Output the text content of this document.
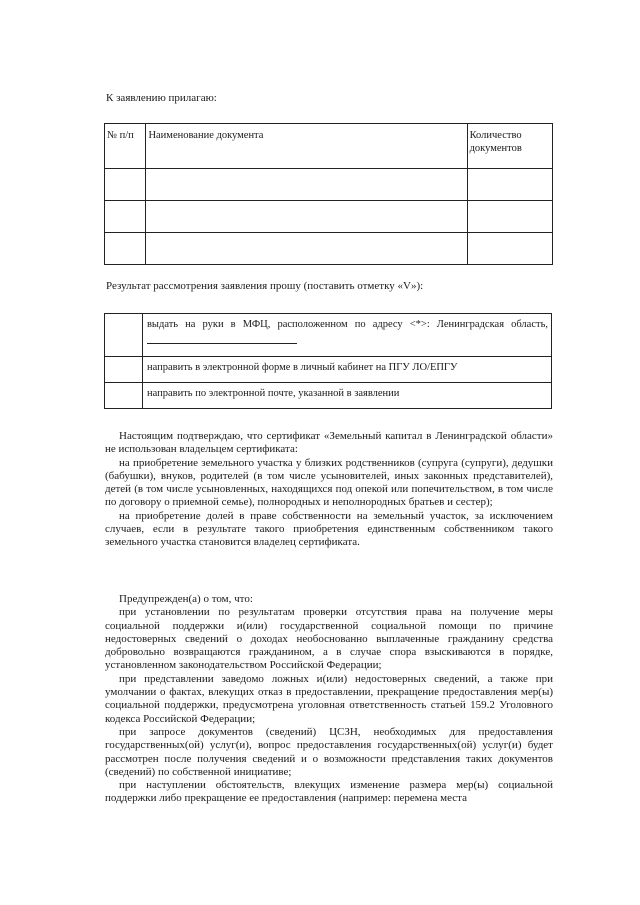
К заявлению прилагаю:
№ п/п	Наименование документа	Количество
документов

Результат рассмотрения заявления прошу (поставить отметку «V»):
	выдать на руки в МФЦ, расположенном по адресу <*>: Ленинградская область,
	направить в электронной форме в личный кабинет на ПГУ ЛО/ЕПГУ
	направить по электронной почте, указанной в заявлении

Настоящим подтверждаю, что сертификат «Земельный капитал в Ленинградской области» не использован владельцем сертификата:

на приобретение земельного участка у близких родственников (супруга (супруги), дедушки (бабушки), внуков, родителей (в том числе усыновителей, иных законных представителей), детей (в том числе усыновленных, находящихся под опекой или попечительством, в том числе по договору о приемной семье), полнородных и неполнородных братьев и сестер);

на приобретение долей в праве собственности на земельный участок, за исключением случаев, если в результате такого приобретения единственным собственником такого земельного участка становится владелец сертификата.

Предупрежден(а) о том, что:

при установлении по результатам проверки отсутствия права на получение меры социальной поддержки и(или) государственной социальной помощи по причине недостоверных сведений о доходах необоснованно выплаченные гражданину средства добровольно возвращаются гражданином, а в случае спора взыскиваются в порядке, установленном законодательством Российской Федерации;

при представлении заведомо ложных и(или) недостоверных сведений, а также при умолчании о фактах, влекущих отказ в предоставлении, прекращение предоставления мер(ы) социальной поддержки, предусмотрена уголовная ответственность статьей 159.2 Уголовного кодекса Российской Федерации;

при запросе документов (сведений) ЦСЗН, необходимых для предоставления государственных(ой) услуг(и), вопрос предоставления государственных(ой) услуг(и) будет рассмотрен после получения сведений и о возможности представления таких документов (сведений) по собственной инициативе;

при наступлении обстоятельств, влекущих изменение размера мер(ы) социальной поддержки либо прекращение ее предоставления (например: перемена места
